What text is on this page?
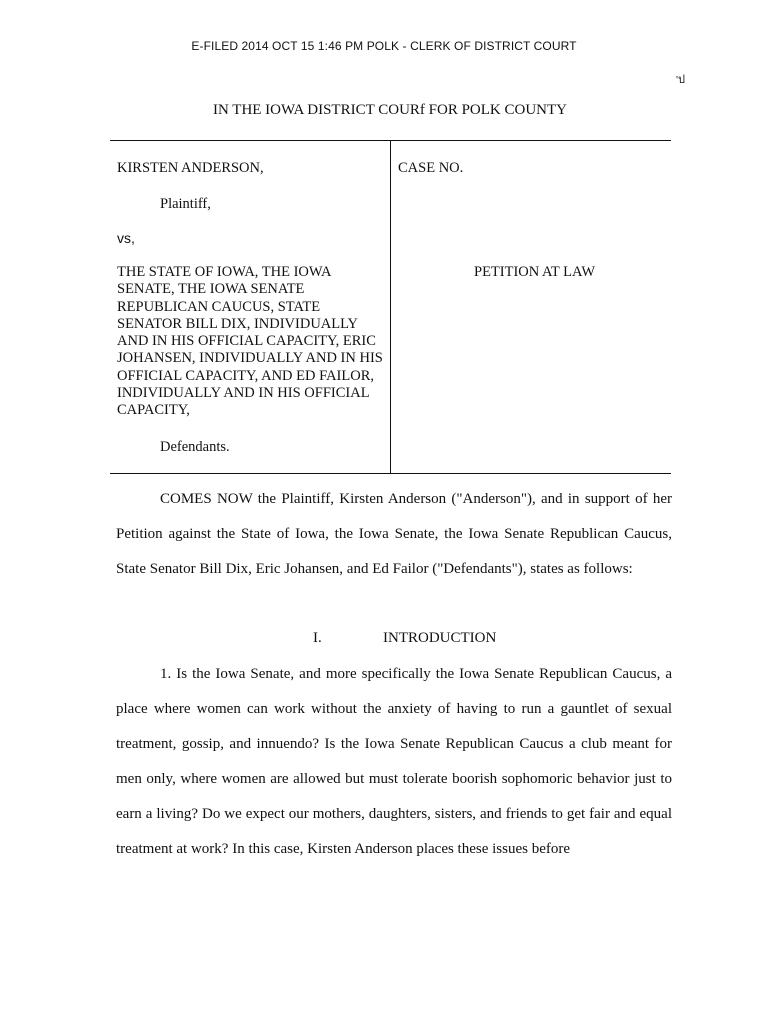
E-FILED 2014 OCT 15 1:46 PM POLK - CLERK OF DISTRICT COURT
'ป
IN THE IOWA DISTRICT COURf FOR POLK COUNTY
KIRSTEN ANDERSON,
Plaintiff,
vs,
THE STATE OF IOWA, THE IOWA SENATE, THE IOWA SENATE REPUBLICAN CAUCUS, STATE SENATOR BILL DIX, INDIVIDUALLY AND IN HIS OFFICIAL CAPACITY, ERIC JOHANSEN, INDIVIDUALLY AND IN HIS OFFICIAL CAPACITY, AND ED FAILOR, INDIVIDUALLY AND IN HIS OFFICIAL CAPACITY,
Defendants.
CASE NO.
PETITION AT LAW

COMES NOW the Plaintiff, Kirsten Anderson ("Anderson"), and in support of her Petition against the State of Iowa, the Iowa Senate, the Iowa Senate Republican Caucus, State Senator Bill Dix, Eric Johansen, and Ed Failor ("Defendants"), states as follows:

I.	INTRODUCTION

1. Is the Iowa Senate, and more specifically the Iowa Senate Republican Caucus, a place where women can work without the anxiety of having to run a gauntlet of sexual treatment, gossip, and innuendo? Is the Iowa Senate Republican Caucus a club meant for men only, where women are allowed but must tolerate boorish sophomoric behavior just to earn a living? Do we expect our mothers, daughters, sisters, and friends to get fair and equal treatment at work? In this case, Kirsten Anderson places these issues before
